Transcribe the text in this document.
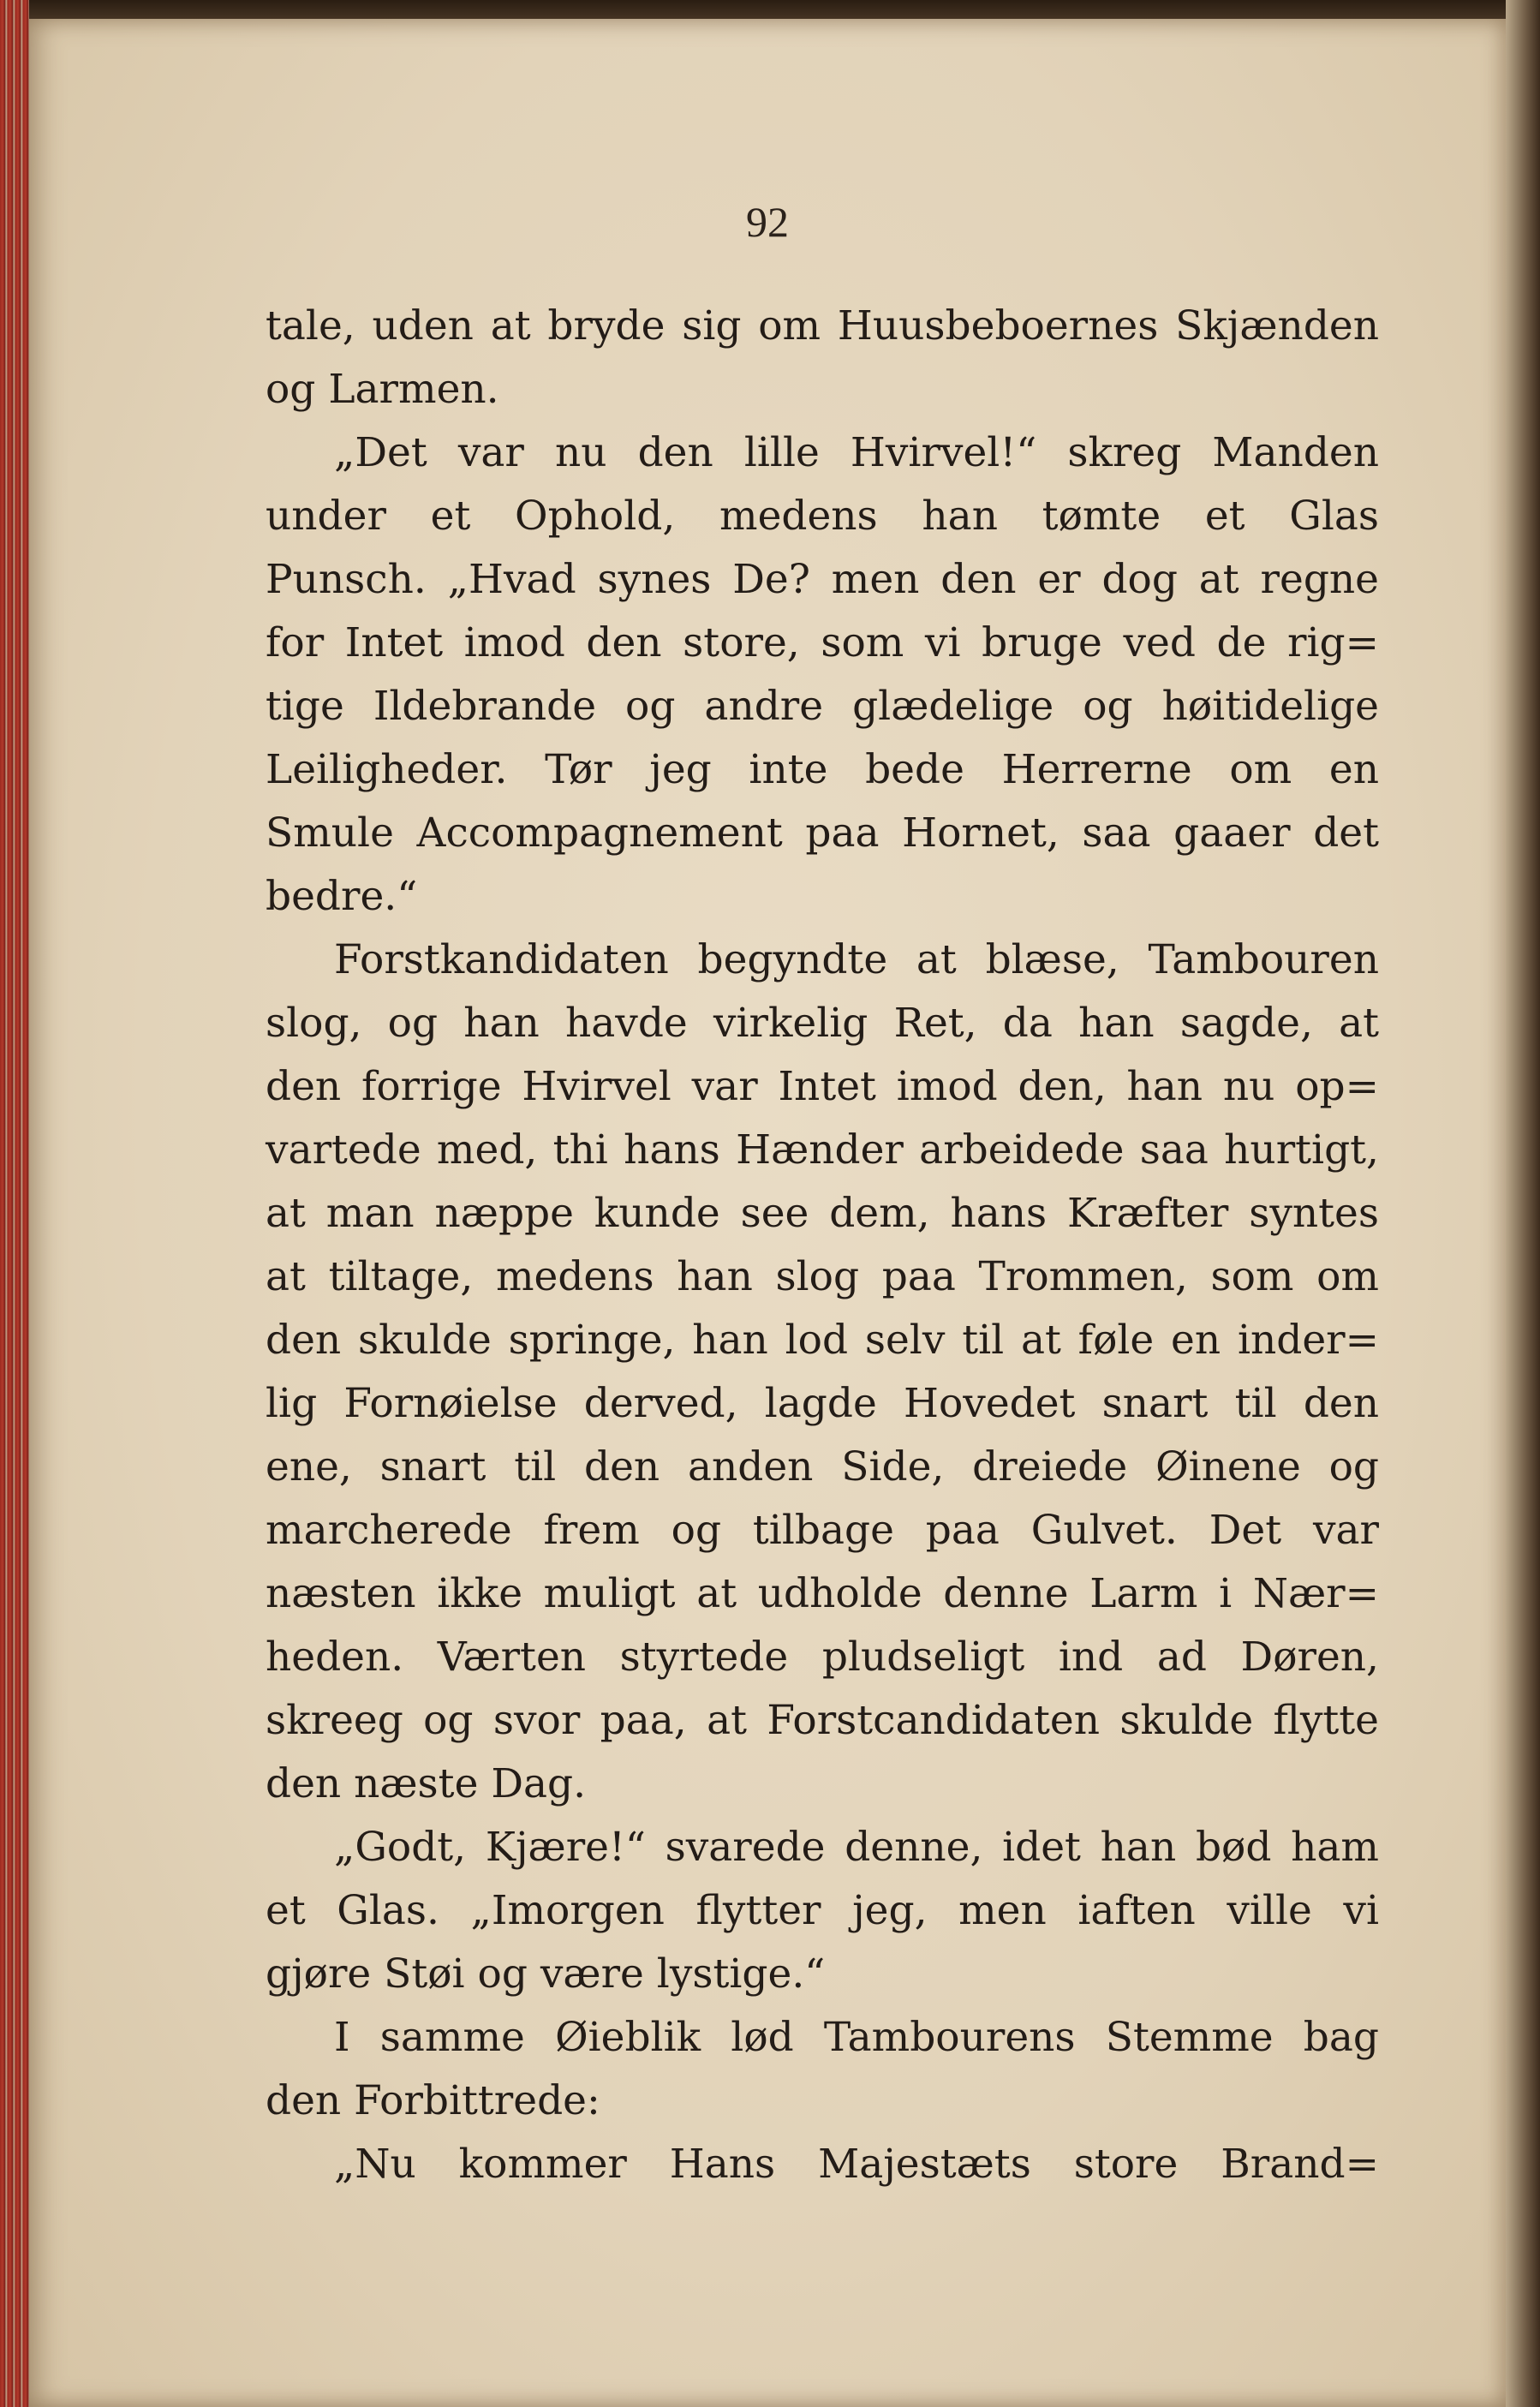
92

tale, uden at bryde sig om Huusbeboernes Skjænden
og Larmen.
„Det var nu den lille Hvirvel!“ skreg Manden
under et Ophold, medens han tømte et Glas
Punsch. „Hvad synes De? men den er dog at regne
for Intet imod den store, som vi bruge ved de rig=
tige Ildebrande og andre glædelige og høitidelige
Leiligheder. Tør jeg inte bede Herrerne om en
Smule Accompagnement paa Hornet, saa gaaer det
bedre.“
Forstkandidaten begyndte at blæse, Tambouren
slog, og han havde virkelig Ret, da han sagde, at
den forrige Hvirvel var Intet imod den, han nu op=
vartede med, thi hans Hænder arbeidede saa hurtigt,
at man næppe kunde see dem, hans Kræfter syntes
at tiltage, medens han slog paa Trommen, som om
den skulde springe, han lod selv til at føle en inder=
lig Fornøielse derved, lagde Hovedet snart til den
ene, snart til den anden Side, dreiede Øinene og
marcherede frem og tilbage paa Gulvet. Det var
næsten ikke muligt at udholde denne Larm i Nær=
heden. Værten styrtede pludseligt ind ad Døren,
skreeg og svor paa, at Forstcandidaten skulde flytte
den næste Dag.
„Godt, Kjære!“ svarede denne, idet han bød ham
et Glas. „Imorgen flytter jeg, men iaften ville vi
gjøre Støi og være lystige.“
I samme Øieblik lød Tambourens Stemme bag
den Forbittrede:
„Nu kommer Hans Majestæts store Brand=
